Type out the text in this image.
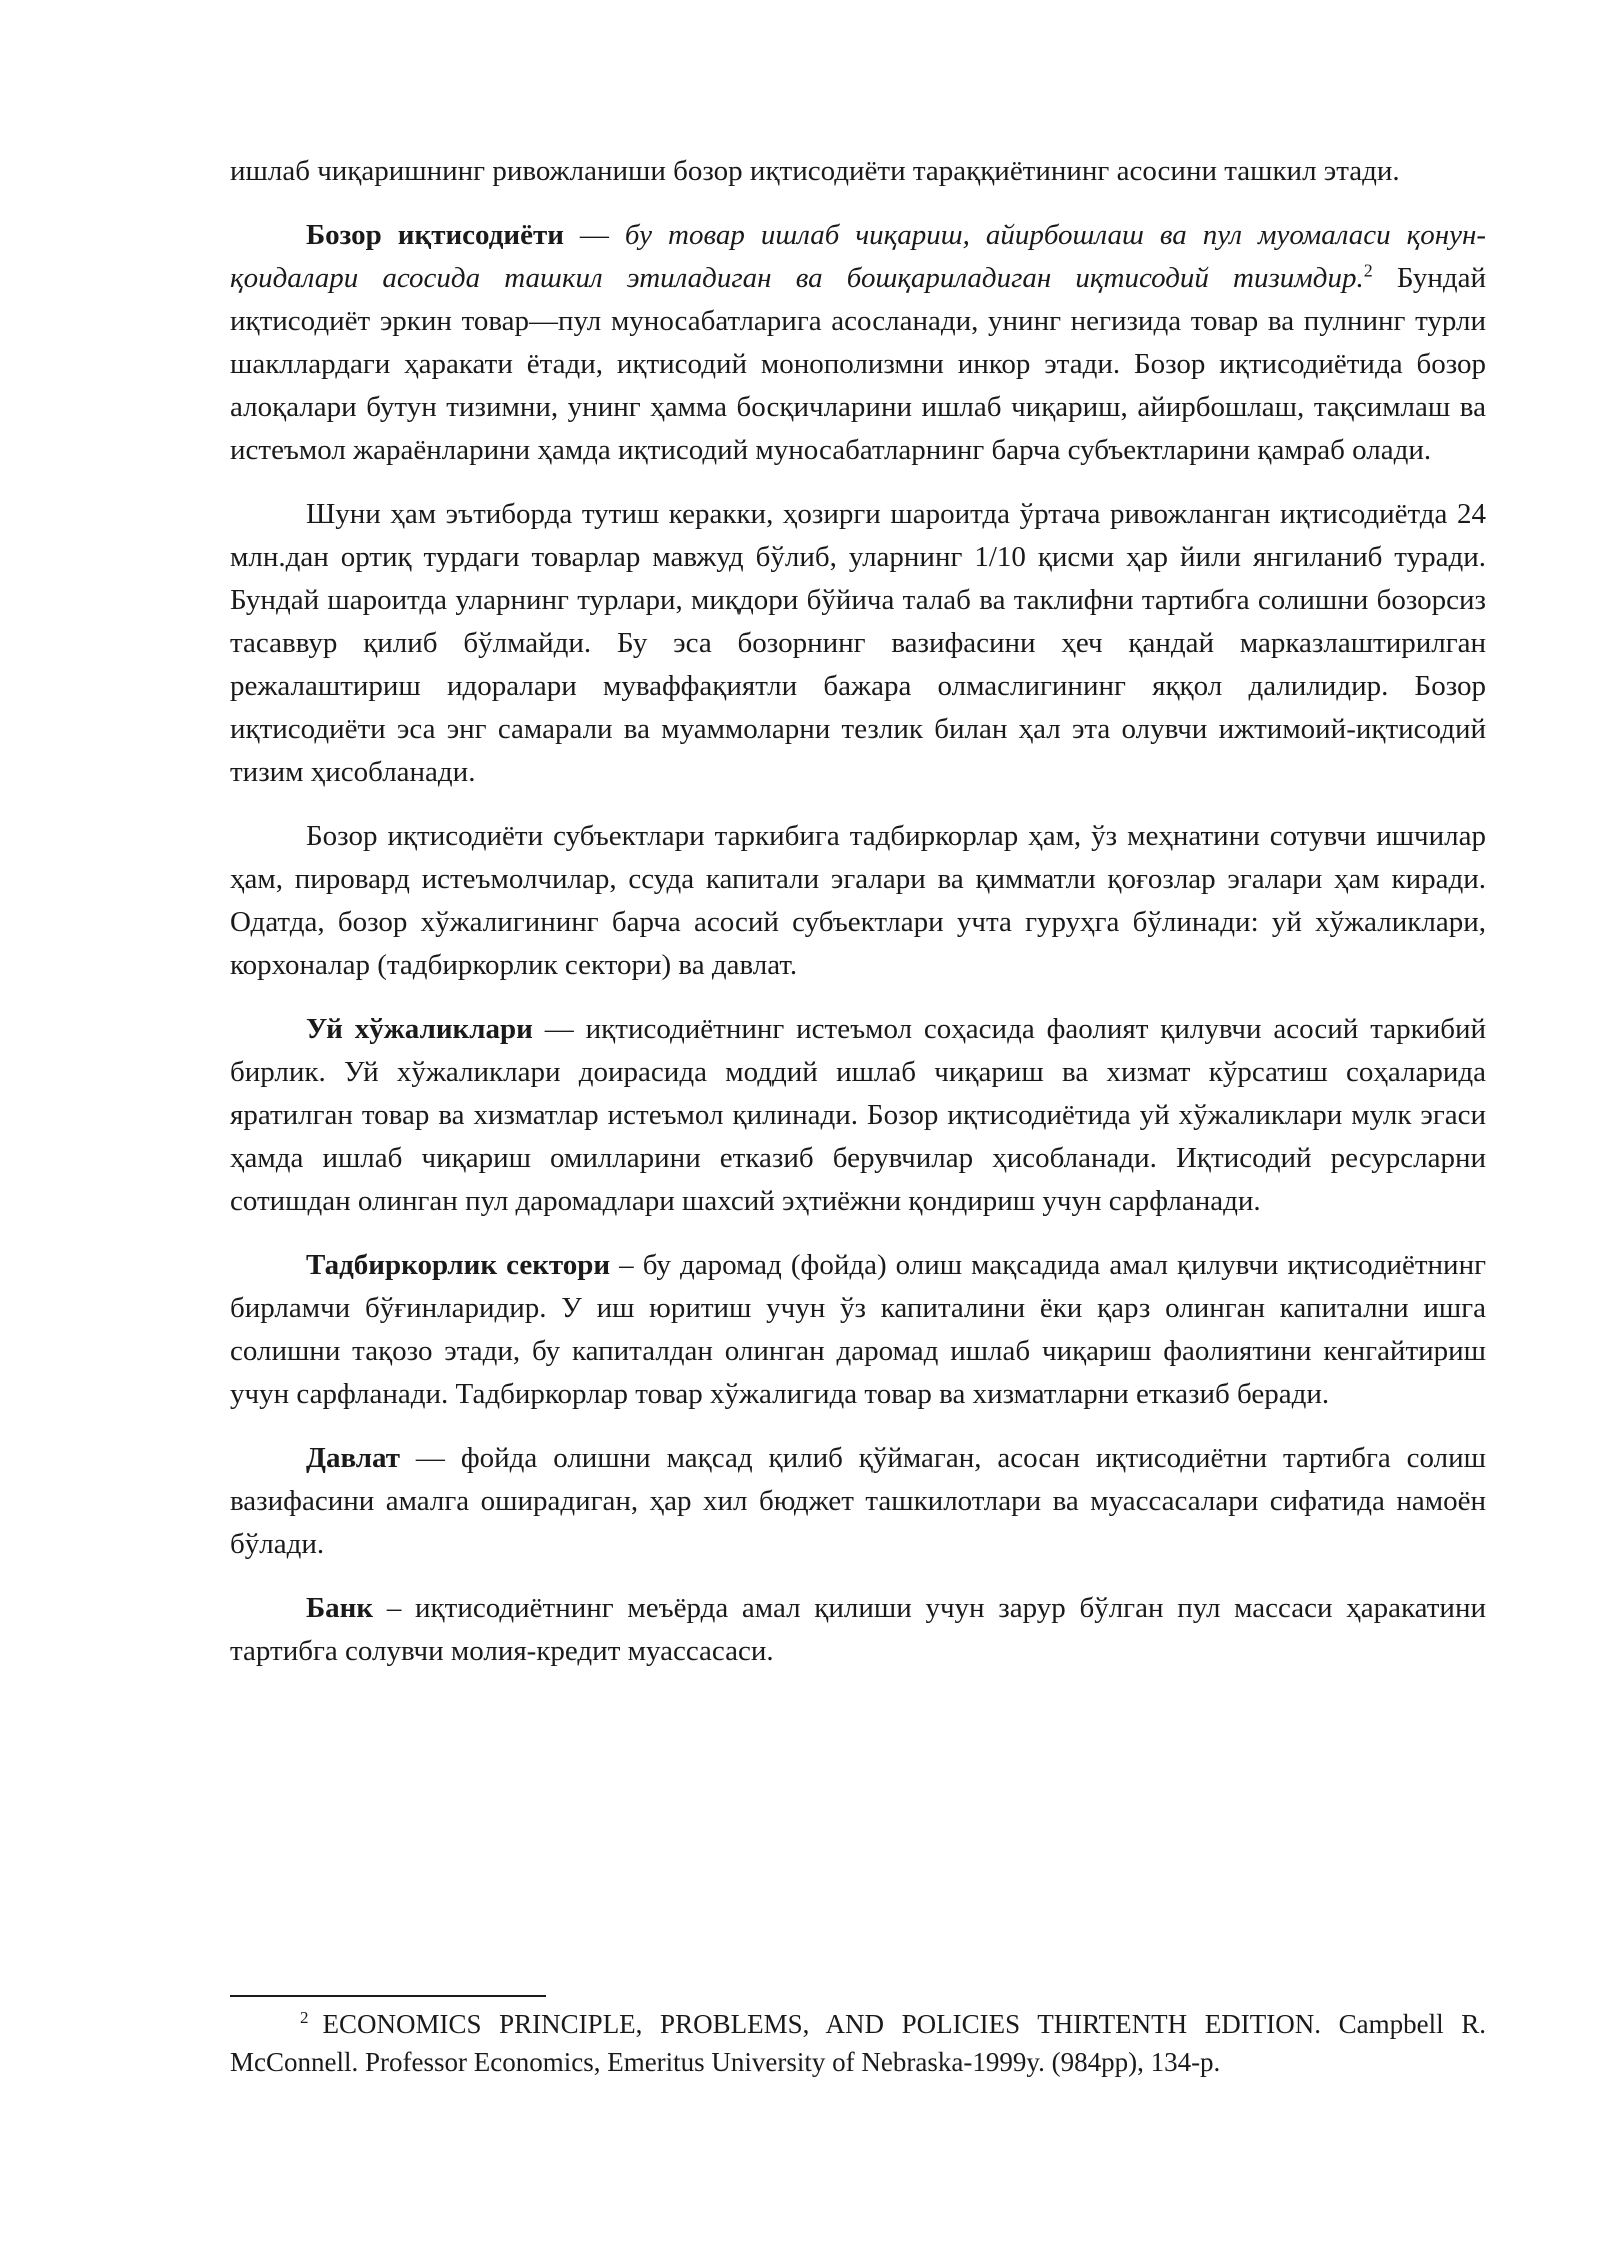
ишлаб чиқаришнинг ривожланиши бозор иқтисодиёти тараққиётининг асосини ташкил этади.

Бозор иқтисодиёти — бу товар ишлаб чиқариш, айирбошлаш ва пул муомаласи қонун-қоидалари асосида ташкил этиладиган ва бошқариладиган иқтисодий тизимдир.$^2$ Бундай иқтисодиёт эркин товар—пул муносабатларига асосланади, унинг негизида товар ва пулнинг турли шакллардаги ҳаракати ётади, иқтисодий монополизмни инкор этади. Бозор иқтисодиётида бозор алоқалари бутун тизимни, унинг ҳамма босқичларини ишлаб чиқариш, айирбошлаш, тақсимлаш ва истеъмол жараёнларини ҳамда иқтисодий муносабатларнинг барча субъектларини қамраб олади.

Шуни ҳам эътиборда тутиш керакки, ҳозирги шароитда ўртача ривожланган иқтисодиётда 24 млн.дан ортиқ турдаги товарлар мавжуд бўлиб, уларнинг 1/10 қисми ҳар йили янгиланиб туради. Бундай шароитда уларнинг турлари, миқдори бўйича талаб ва таклифни тартибга солишни бозорсиз тасаввур қилиб бўлмайди. Бу эса бозорнинг вазифасини ҳеч қандай марказлаштирилган режалаштириш идоралари муваффақиятли бажара олмаслигининг яққол далилидир. Бозор иқтисодиёти эса энг самарали ва муаммоларни тезлик билан ҳал эта олувчи ижтимоий-иқтисодий тизим ҳисобланади.

Бозор иқтисодиёти субъектлари таркибига тадбиркорлар ҳам, ўз меҳнатини сотувчи ишчилар ҳам, пировард истеъмолчилар, ссуда капитали эгалари ва қимматли қоғозлар эгалари ҳам киради. Одатда, бозор хўжалигининг барча асосий субъектлари учта гуруҳга бўлинади: уй хўжаликлари, корхоналар (тадбиркорлик сектори) ва давлат.

Уй хўжаликлари — иқтисодиётнинг истеъмол соҳасида фаолият қилувчи асосий таркибий бирлик. Уй хўжаликлари доирасида моддий ишлаб чиқариш ва хизмат кўрсатиш соҳаларида яратилган товар ва хизматлар истеъмол қилинади. Бозор иқтисодиётида уй хўжаликлари мулк эгаси ҳамда ишлаб чиқариш омилларини етказиб берувчилар ҳисобланади. Иқтисодий ресурсларни сотишдан олинган пул даромадлари шахсий эҳтиёжни қондириш учун сарфланади.

Тадбиркорлик сектори – бу даромад (фойда) олиш мақсадида амал қилувчи иқтисодиётнинг бирламчи бўғинларидир. У иш юритиш учун ўз капиталини ёки қарз олинган капитални ишга солишни тақозо этади, бу капиталдан олинган даромад ишлаб чиқариш фаолиятини кенгайтириш учун сарфланади. Тадбиркорлар товар хўжалигида товар ва хизматларни етказиб беради.

Давлат — фойда олишни мақсад қилиб қўймаган, асосан иқтисодиётни тартибга солиш вазифасини амалга оширадиган, ҳар хил бюджет ташкилотлари ва муассасалари сифатида намоён бўлади.

Банк – иқтисодиётнинг меъёрда амал қилиши учун зарур бўлган пул массаси ҳаракатини тартибга солувчи молия-кредит муассасаси.

$^2$ ECONOMICS PRINCIPLE, PROBLEMS, AND POLICIES THIRTENTH EDITION. Campbell R. McConnell. Professor Economics, Emeritus University of Nebraska-1999y. (984pp), 134-p.
